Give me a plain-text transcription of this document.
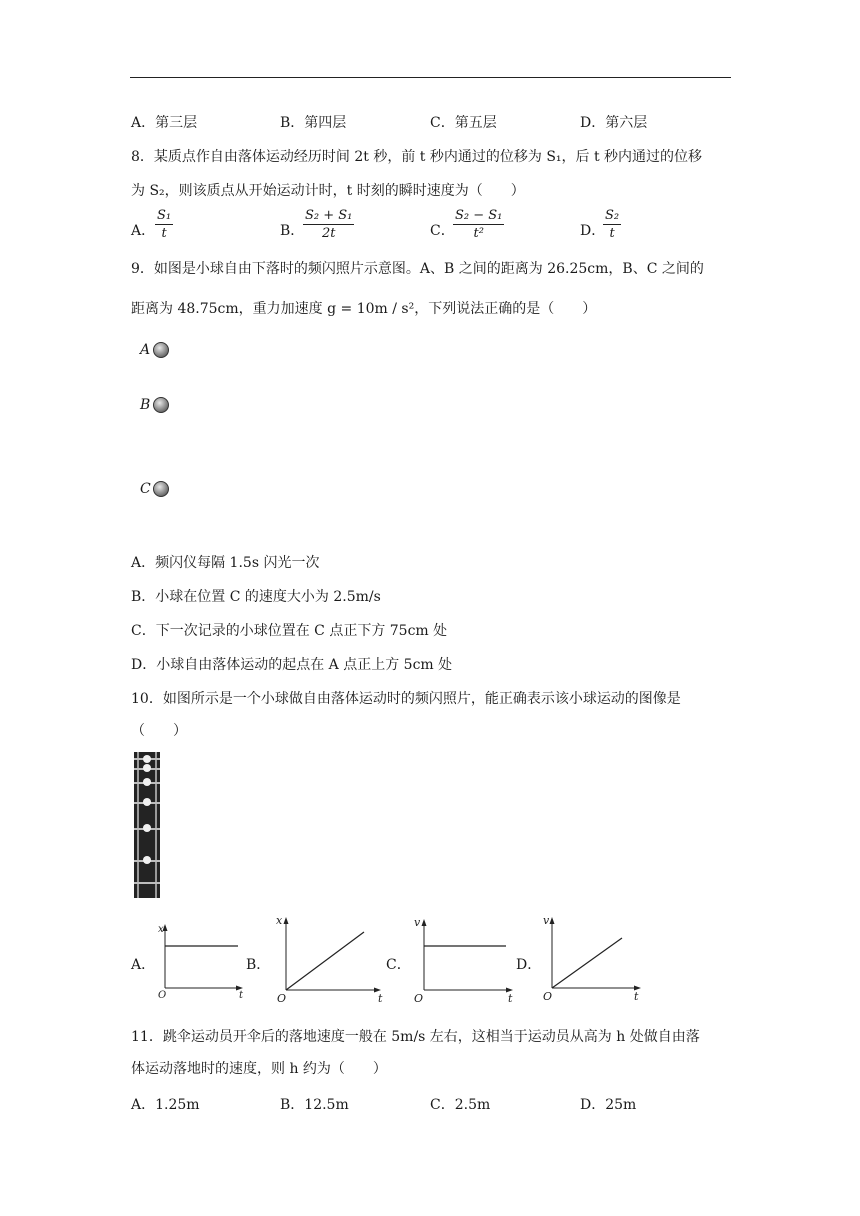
A．第三层	B．第四层	C．第五层	D．第六层
8．某质点作自由落体运动经历时间 2t 秒，前 t 秒内通过的位移为 S₁，后 t 秒内通过的位移
为 S₂，则该质点从开始运动计时，t 时刻的瞬时速度为（　　）
A． $\frac{\text{S₁}}{t}$	B．
$\frac{\text{S₂ + S₁}}{2t}$	C．
$\frac{\text{S₂ − S₁}}{\text{t²}}$	D．
$\frac{\text{S₂}}{t}$
9．如图是小球自由下落时的频闪照片示意图。A、B 之间的距离为 26.25cm，B、C 之间的
距离为 48.75cm，重力加速度 g = 10m / s²，下列说法正确的是（　　）
A
B
C
A．频闪仪每隔 1.5s 闪光一次
B．小球在位置 C 的速度大小为 2.5m/s
C．下一次记录的小球位置在 C 点正下方 75cm 处
D．小球自由落体运动的起点在 A 点正上方 5cm 处
10．如图所示是一个小球做自由落体运动时的频闪照片，能正确表示该小球运动的图像是
（　　）
A．
x
t
O
B．
x
t
O
C．
v
t
O
D．
v
t
O
11．跳伞运动员开伞后的落地速度一般在 5m/s 左右，这相当于运动员从高为 h 处做自由落
体运动落地时的速度，则 h 约为（　　）
A．1.25m	B．12.5m	C．2.5m	D．25m
